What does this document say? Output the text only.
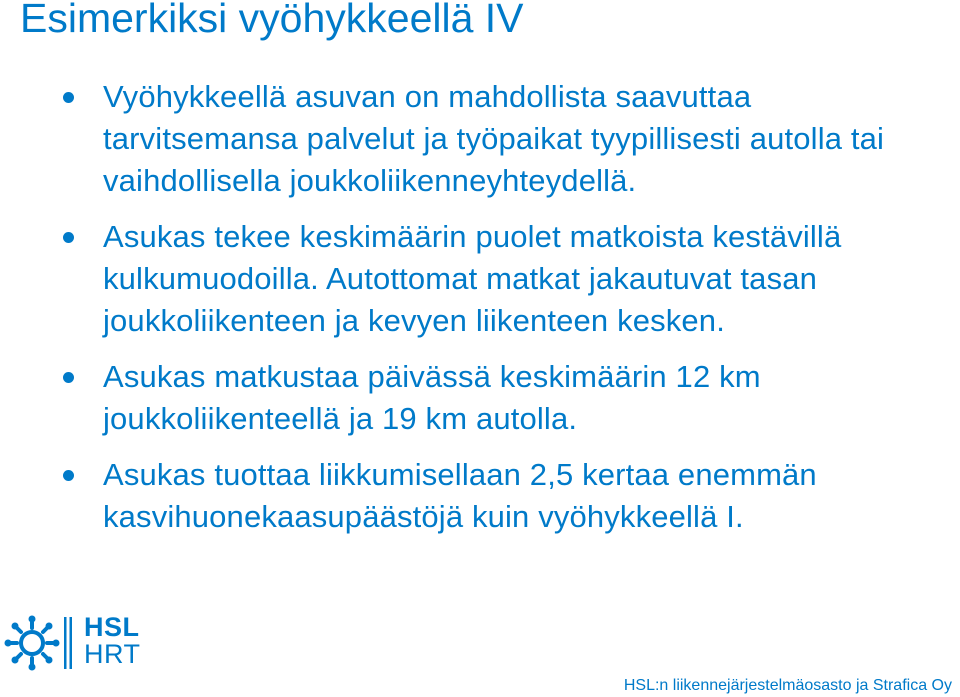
Esimerkiksi vyöhykkeellä IV
Vyöhykkeellä asuvan on mahdollista saavuttaa tarvitsemansa palvelut ja työpaikat tyypillisesti autolla tai vaihdollisella joukkoliikenneyhteydellä.
Asukas tekee keskimäärin puolet matkoista kestävillä kulkumuodoilla. Autottomat matkat jakautuvat tasan joukkoliikenteen ja kevyen liikenteen kesken.
Asukas matkustaa päivässä keskimäärin 12 km joukkoliikenteellä ja 19 km autolla.
Asukas tuottaa liikkumisellaan 2,5 kertaa enemmän kasvihuonekaasupäästöjä kuin vyöhykkeellä I.
HSL
HRT
HSL:n liikennejärjestelmäosasto ja Strafica Oy
